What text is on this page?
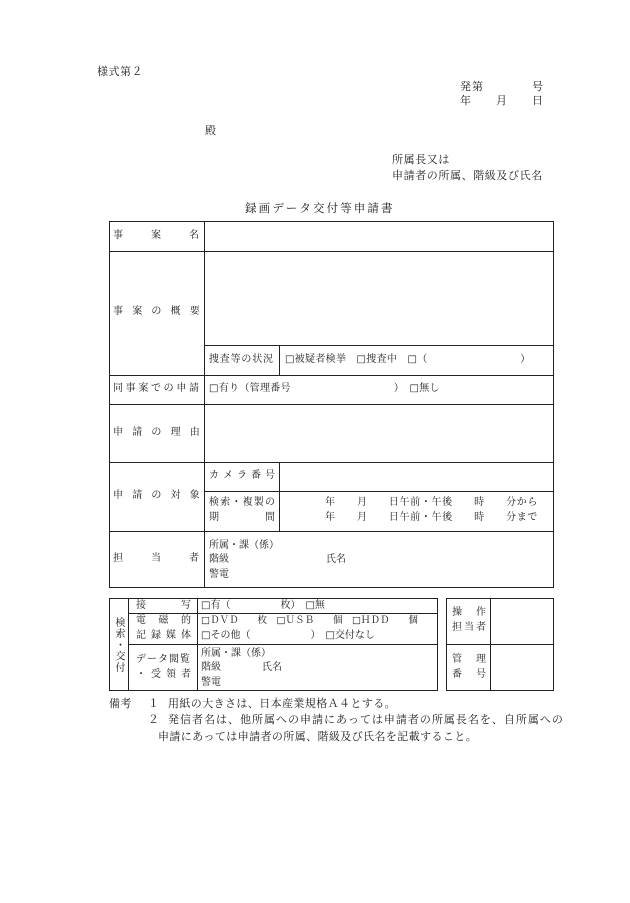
様式第２
発第　　　　号
年　　月　　日
殿
所属長又は
申請者の所属、階級及び氏名
録画データ交付等申請書
事　　案　　名
事　案　の　概　要
捜査等の状況 □被疑者検挙　□捜査中　□（　　　　　　　　　）
同事案での申請 □有り（管理番号　　　　　　　　　　）　□無し
申　請　の　理　由
申　請　の　対　象
カメラ番号
検索・複製の
期　　　　間
年　　月　　日午前・午後　　時　　分から
年　　月　　日午前・午後　　時　　分まで
担　　当　　者
所属・課（係）
階級	氏名
警電
検索・交付
接　　写 □有（　　　　　枚）　□無
電　磁　的
記録媒体
□ＤＶＤ　　枚　□ＵＳＢ　　個　□ＨＤＤ　　個
□その他（　　　　　　）　□交付なし
データ閲覧
・受領者
所属・課（係）
階級	氏名
警電
操　作
担当者
管　理
番　号
備考 １ 用紙の大きさは、日本産業規格Ａ４とする。
２ 発信者名は、他所属への申請にあっては申請者の所属長名を、自所属への
申請にあっては申請者の所属、階級及び氏名を記載すること。
